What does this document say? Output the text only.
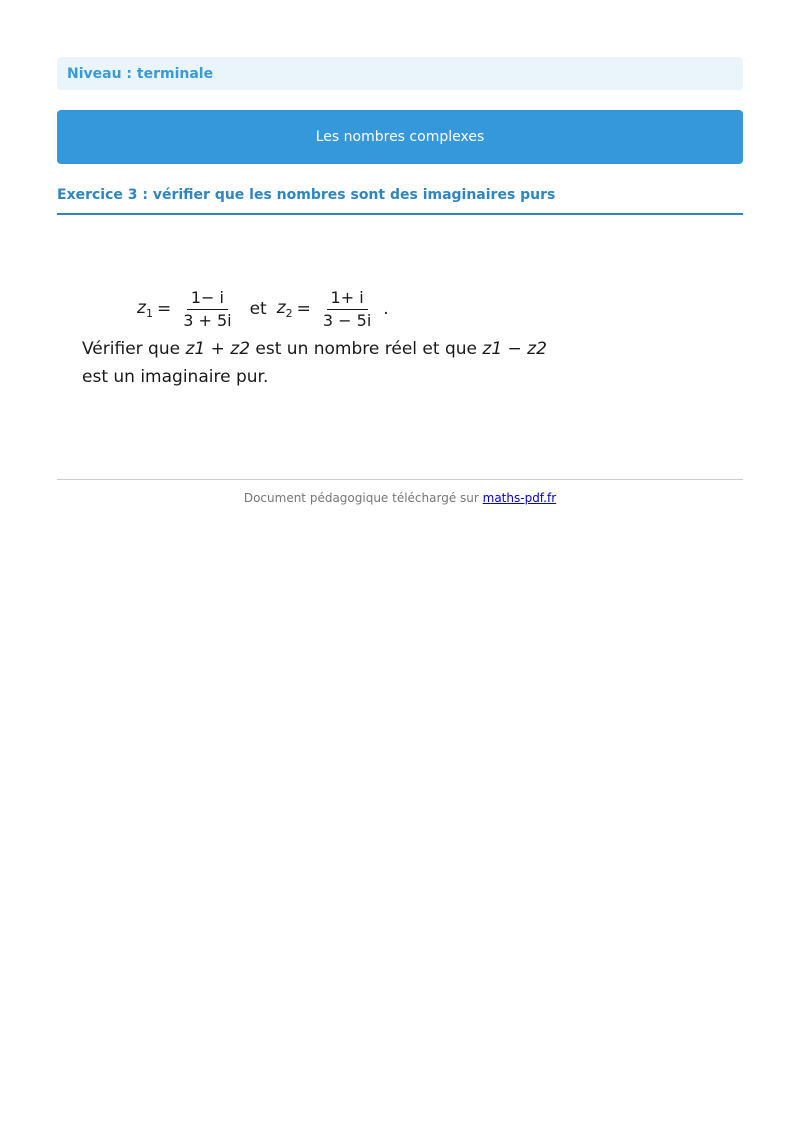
Niveau : terminale
Les nombres complexes
Exercice 3 : vérifier que les nombres sont des imaginaires purs
$z_1 = \frac{1- i}{3 + 5i}$ et $z_2 = \frac{1+ i}{3 - 5i}$ .
Vérifier que z1 + z2 est un nombre réel et que z1 − z2
est un imaginaire pur.
Document pédagogique téléchargé sur maths-pdf.fr
